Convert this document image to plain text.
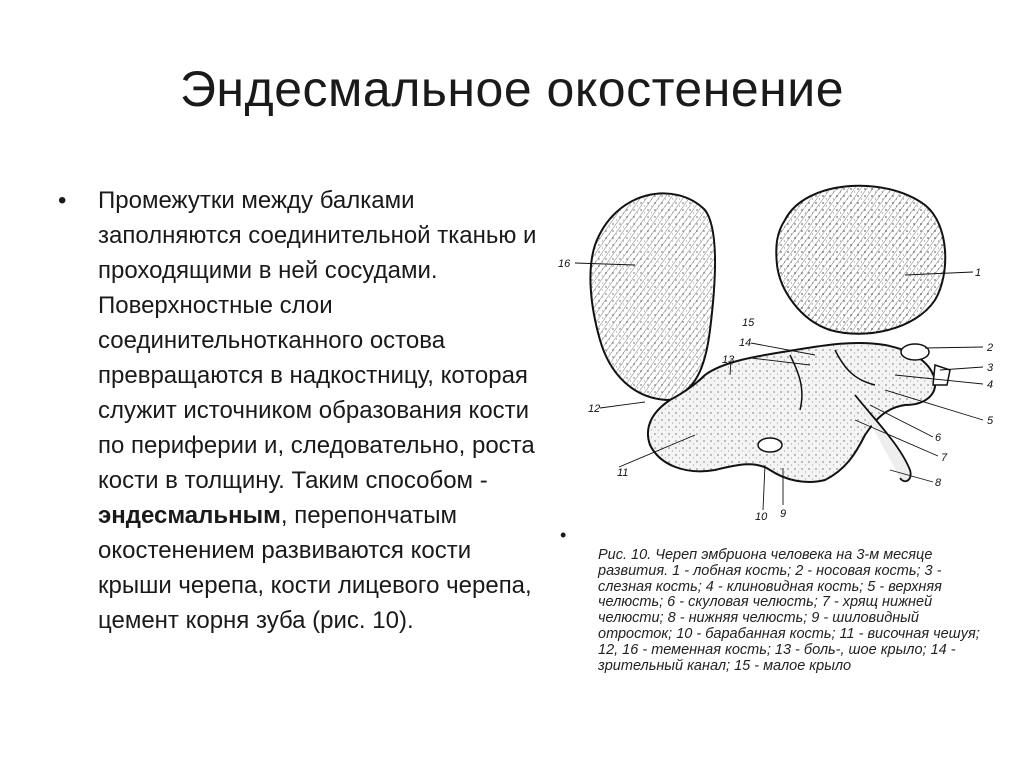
Эндесмальное окостенение
• Промежутки между балками заполняются соединительной тканью и проходящими в ней сосудами. Поверхностные слои соединительнотканного остова превращаются в надкостницу, которая служит источником образования кости по периферии и, следовательно, роста кости в толщину. Таким способом - эндесмальным, перепончатым окостенением развиваются кости крыши черепа, кости лицевого черепа, цемент корня зуба (рис. 10).
•
16
1
2
3
4
5
6
7
8
9
10
11
12
13
14
15
Рис. 10. Череп эмбриона человека на 3-м месяце развития. 1 - лобная кость; 2 - носовая кость; 3 - слезная кость; 4 - клиновидная кость; 5 - верхняя челюсть; 6 - скуловая челюсть; 7 - хрящ нижней челюсти; 8 - нижняя челюсть; 9 - шиловидный отросток; 10 - барабанная кость; 11 - височная чешуя; 12, 16 - теменная кость; 13 - боль-, шое крыло; 14 - зрительный канал; 15 - малое крыло
